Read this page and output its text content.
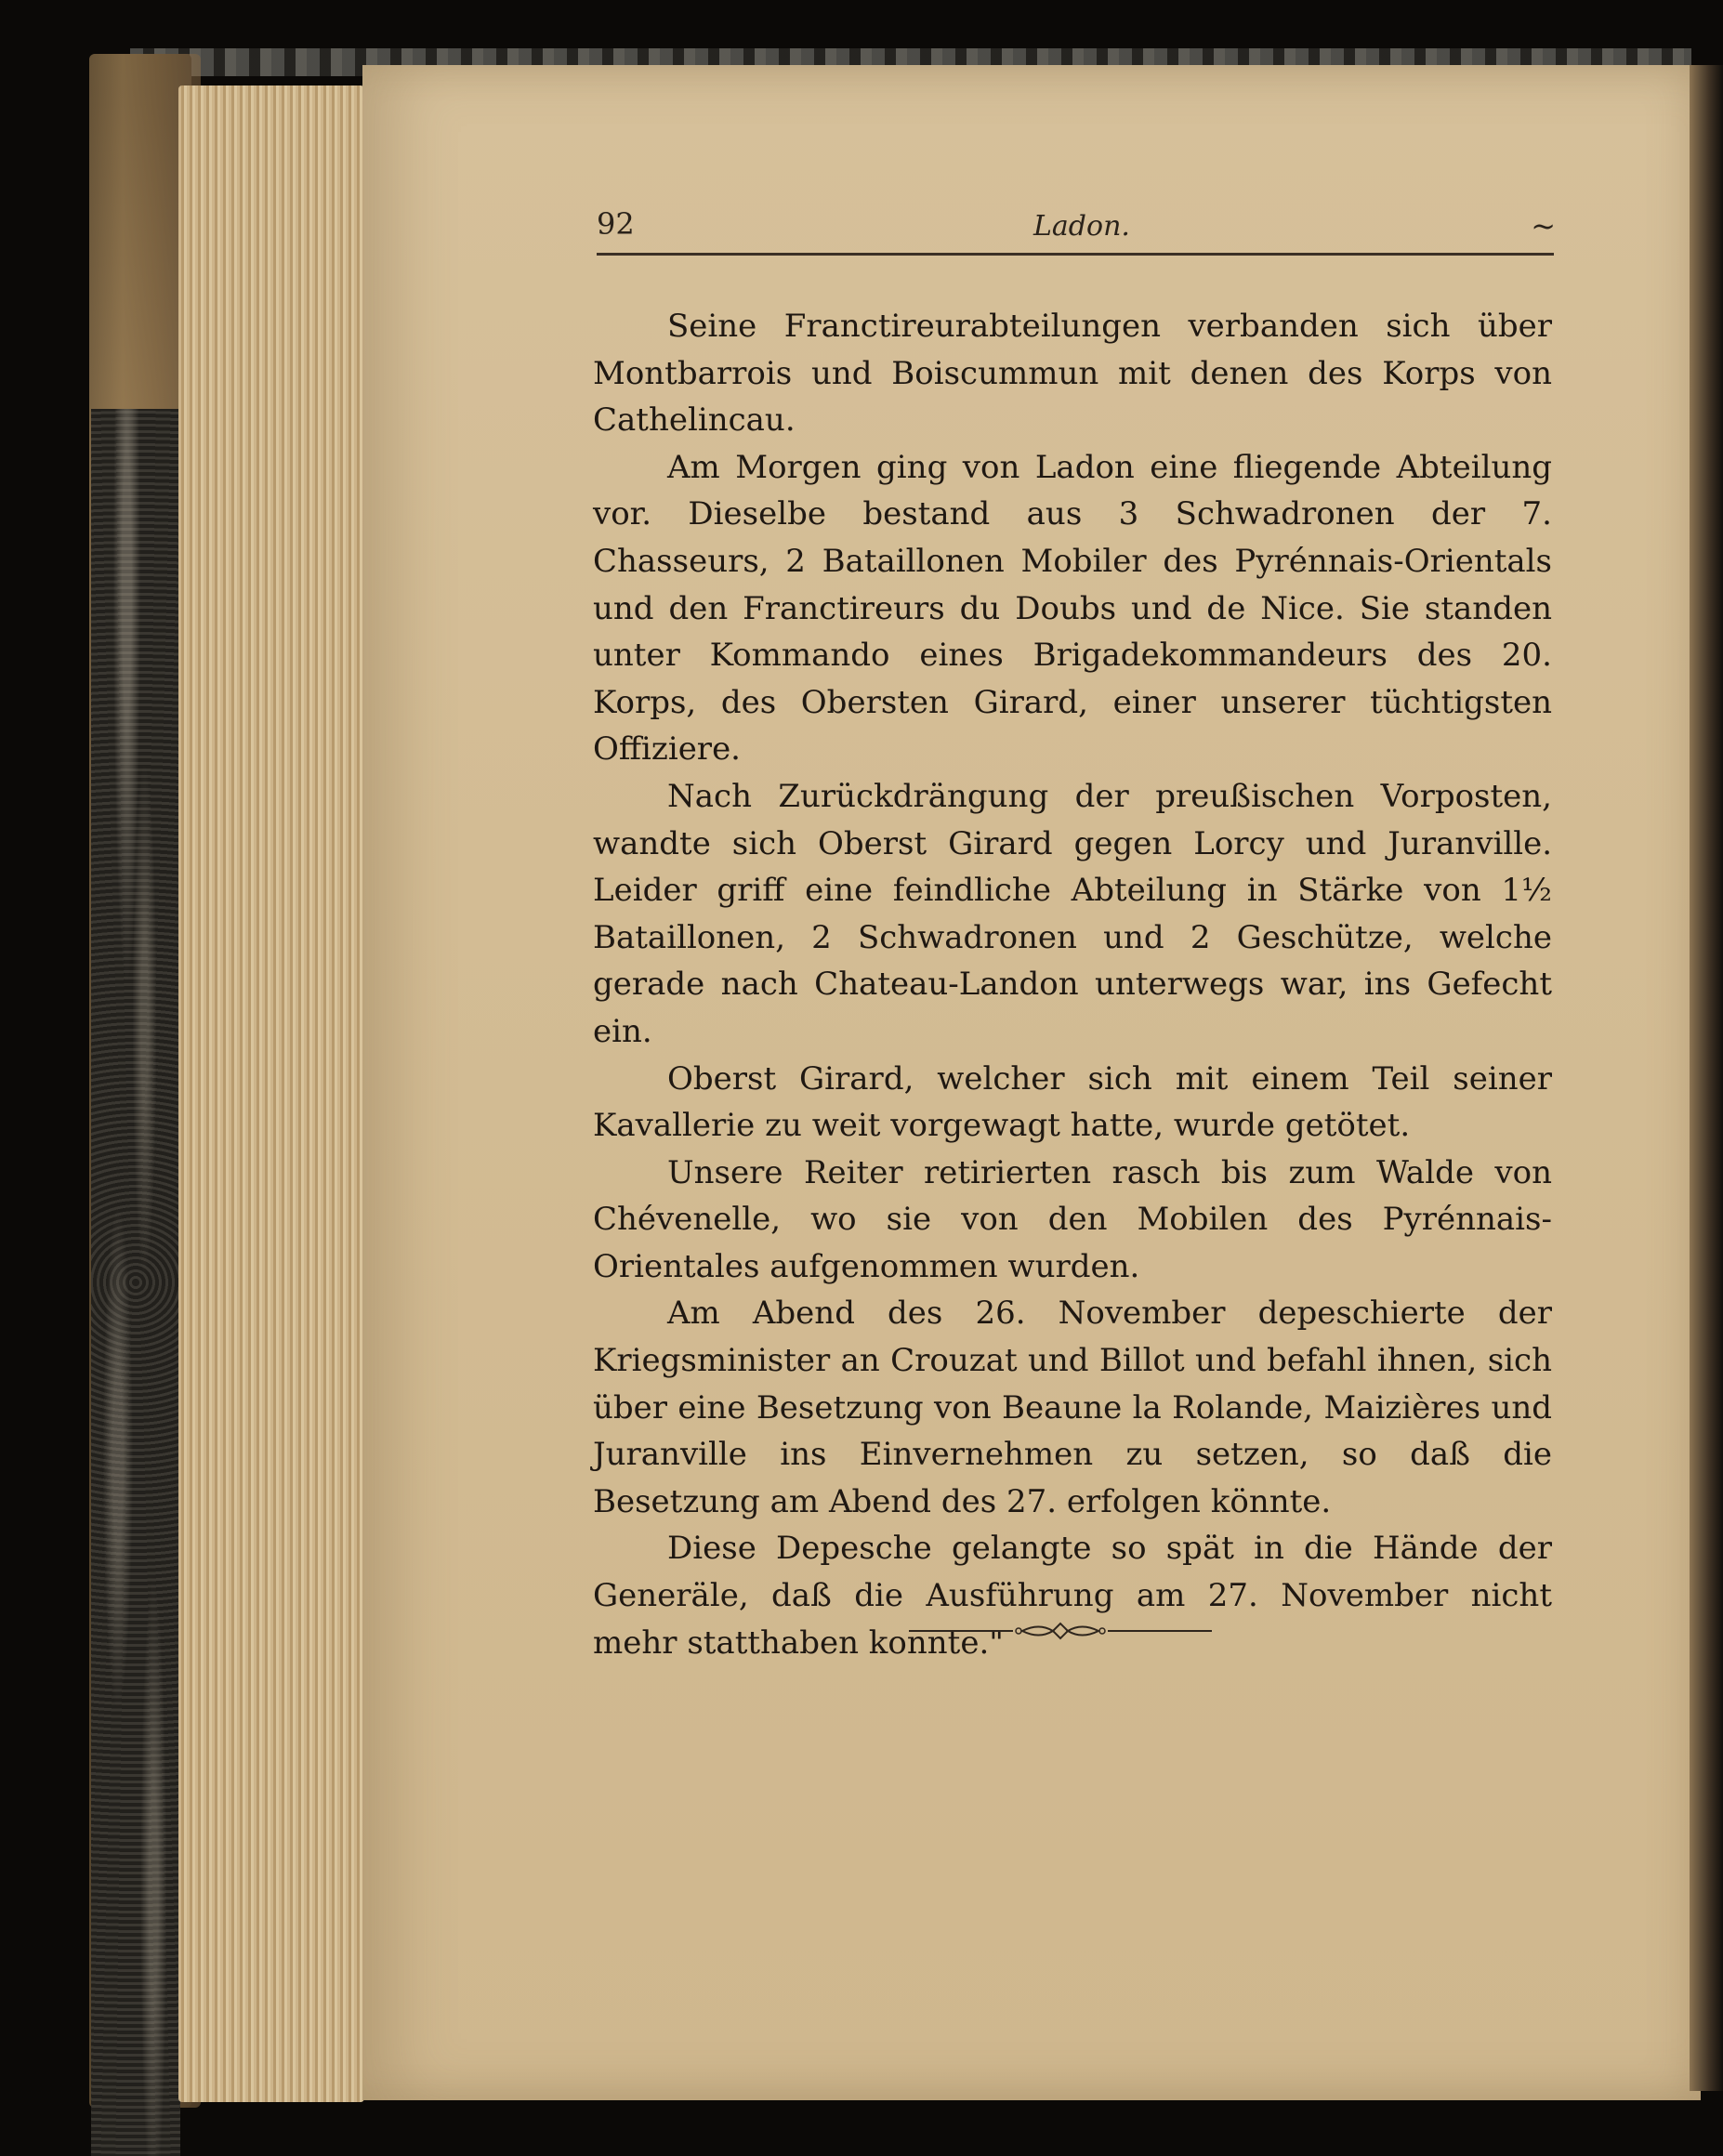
92	Ladon.	~

Seine Franctireurabteilungen verbanden sich über Montbarrois und Boiscummun mit denen des Korps von Cathelincau.

Am Morgen ging von Ladon eine fliegende Abteilung vor. Dieselbe bestand aus 3 Schwadronen der 7. Chasseurs, 2 Bataillonen Mobiler des Pyrénnais-Orientals und den Franctireurs du Doubs und de Nice. Sie standen unter Kommando eines Brigadekommandeurs des 20. Korps, des Obersten Girard, einer unserer tüchtigsten Offiziere.

Nach Zurückdrängung der preußischen Vorposten, wandte sich Oberst Girard gegen Lorcy und Juranville. Leider griff eine feindliche Abteilung in Stärke von 1½ Bataillonen, 2 Schwadronen und 2 Geschütze, welche gerade nach Chateau-Landon unterwegs war, ins Gefecht ein.

Oberst Girard, welcher sich mit einem Teil seiner Kavallerie zu weit vorgewagt hatte, wurde getötet.

Unsere Reiter retirierten rasch bis zum Walde von Chévenelle, wo sie von den Mobilen des Pyrénnais-Orientales aufgenommen wurden.

Am Abend des 26. November depeschierte der Kriegsminister an Crouzat und Billot und befahl ihnen, sich über eine Besetzung von Beaune la Rolande, Maizières und Juranville ins Einvernehmen zu setzen, so daß die Besetzung am Abend des 27. erfolgen könnte.

Diese Depesche gelangte so spät in die Hände der Generäle, daß die Ausführung am 27. November nicht mehr statthaben konnte."
